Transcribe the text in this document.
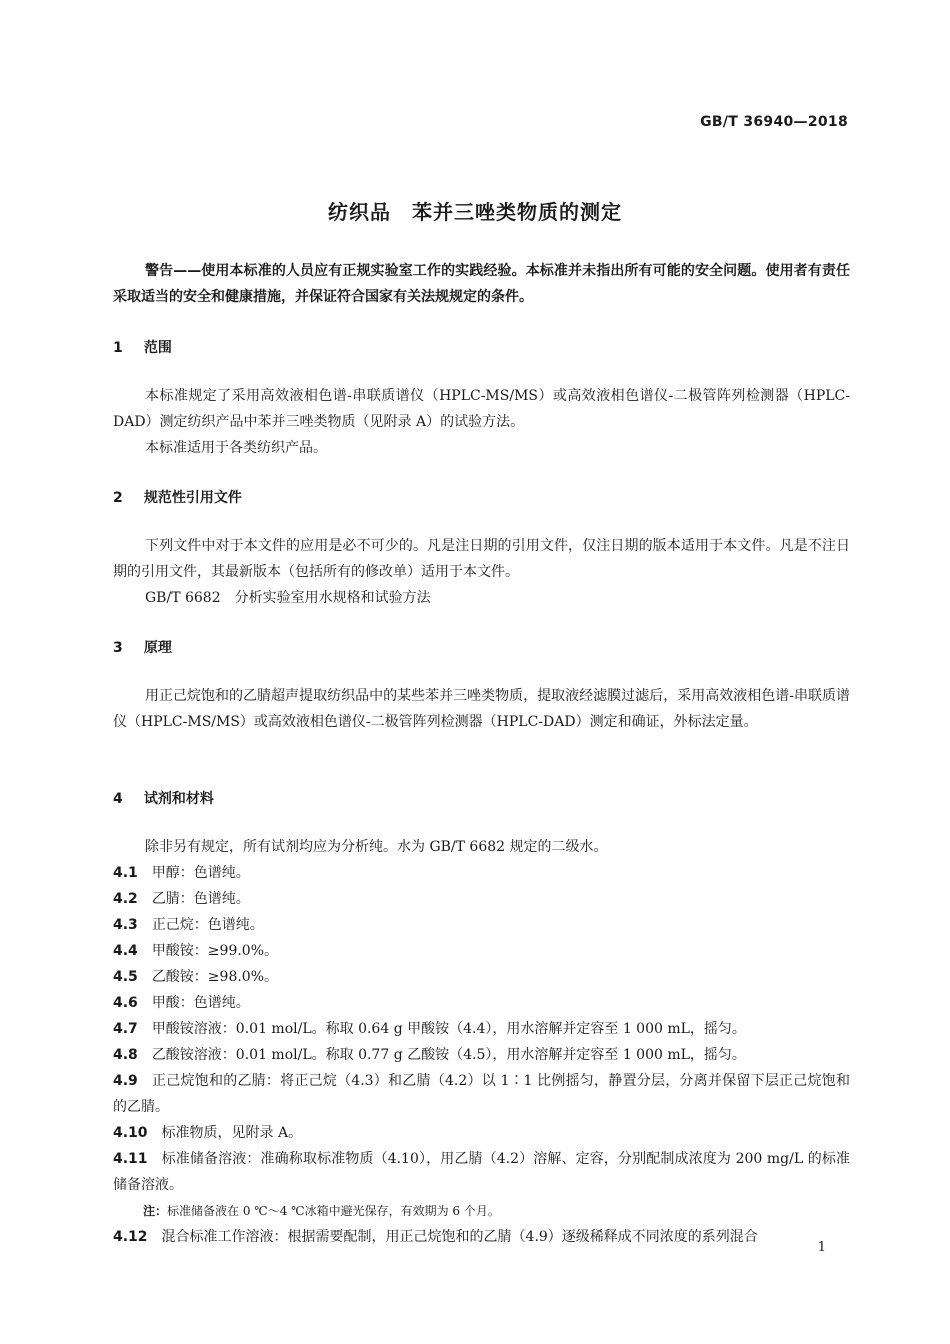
GB/T 36940—2018
纺织品　苯并三唑类物质的测定

警告——使用本标准的人员应有正规实验室工作的实践经验。本标准并未指出所有可能的安全问题。使用者有责任采取适当的安全和健康措施，并保证符合国家有关法规规定的条件。

1 范围

本标准规定了采用高效液相色谱-串联质谱仪（HPLC-MS/MS）或高效液相色谱仪-二极管阵列检测器（HPLC-DAD）测定纺织产品中苯并三唑类物质（见附录 A）的试验方法。

本标准适用于各类纺织产品。

2 规范性引用文件

下列文件中对于本文件的应用是必不可少的。凡是注日期的引用文件，仅注日期的版本适用于本文件。凡是不注日期的引用文件，其最新版本（包括所有的修改单）适用于本文件。

GB/T 6682　分析实验室用水规格和试验方法

3 原理

用正己烷饱和的乙腈超声提取纺织品中的某些苯并三唑类物质，提取液经滤膜过滤后，采用高效液相色谱-串联质谱仪（HPLC-MS/MS）或高效液相色谱仪-二极管阵列检测器（HPLC-DAD）测定和确证，外标法定量。

4 试剂和材料

除非另有规定，所有试剂均应为分析纯。水为 GB/T 6682 规定的二级水。

4.1 甲醇：色谱纯。

4.2 乙腈：色谱纯。

4.3 正己烷：色谱纯。

4.4 甲酸铵：≥99.0%。

4.5 乙酸铵：≥98.0%。

4.6 甲酸：色谱纯。

4.7 甲酸铵溶液：0.01 mol/L。称取 0.64 g 甲酸铵（4.4），用水溶解并定容至 1 000 mL，摇匀。

4.8 乙酸铵溶液：0.01 mol/L。称取 0.77 g 乙酸铵（4.5），用水溶解并定容至 1 000 mL，摇匀。

4.9 正己烷饱和的乙腈：将正己烷（4.3）和乙腈（4.2）以 1∶1 比例摇匀，静置分层，分离并保留下层正己烷饱和的乙腈。

4.10 标准物质，见附录 A。

4.11 标准储备溶液：准确称取标准物质（4.10），用乙腈（4.2）溶解、定容，分别配制成浓度为 200 mg/L 的标准储备溶液。

注：标准储备液在 0 ℃～4 ℃冰箱中避光保存，有效期为 6 个月。

4.12 混合标准工作溶液：根据需要配制，用正己烷饱和的乙腈（4.9）逐级稀释成不同浓度的系列混合

1
